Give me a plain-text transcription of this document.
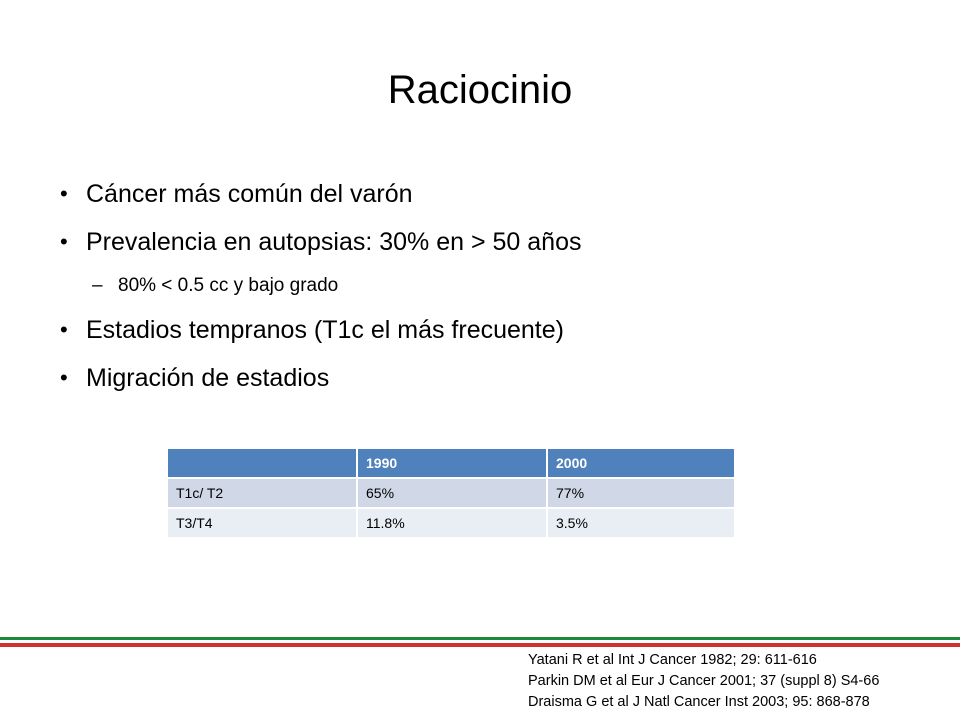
Raciocinio
• Cáncer más común del varón
• Prevalencia en autopsias: 30% en > 50 años
– 80% < 0.5 cc y bajo grado
• Estadios tempranos (T1c el más frecuente)
• Migración de estadios
	1990	2000
T1c/ T2	65%	77%
T3/T4	11.8%	3.5%
Yatani R et al Int J Cancer 1982; 29: 611-616
Parkin DM et al Eur J Cancer 2001; 37 (suppl 8) S4-66
Draisma G et al J Natl Cancer Inst 2003; 95: 868-878
